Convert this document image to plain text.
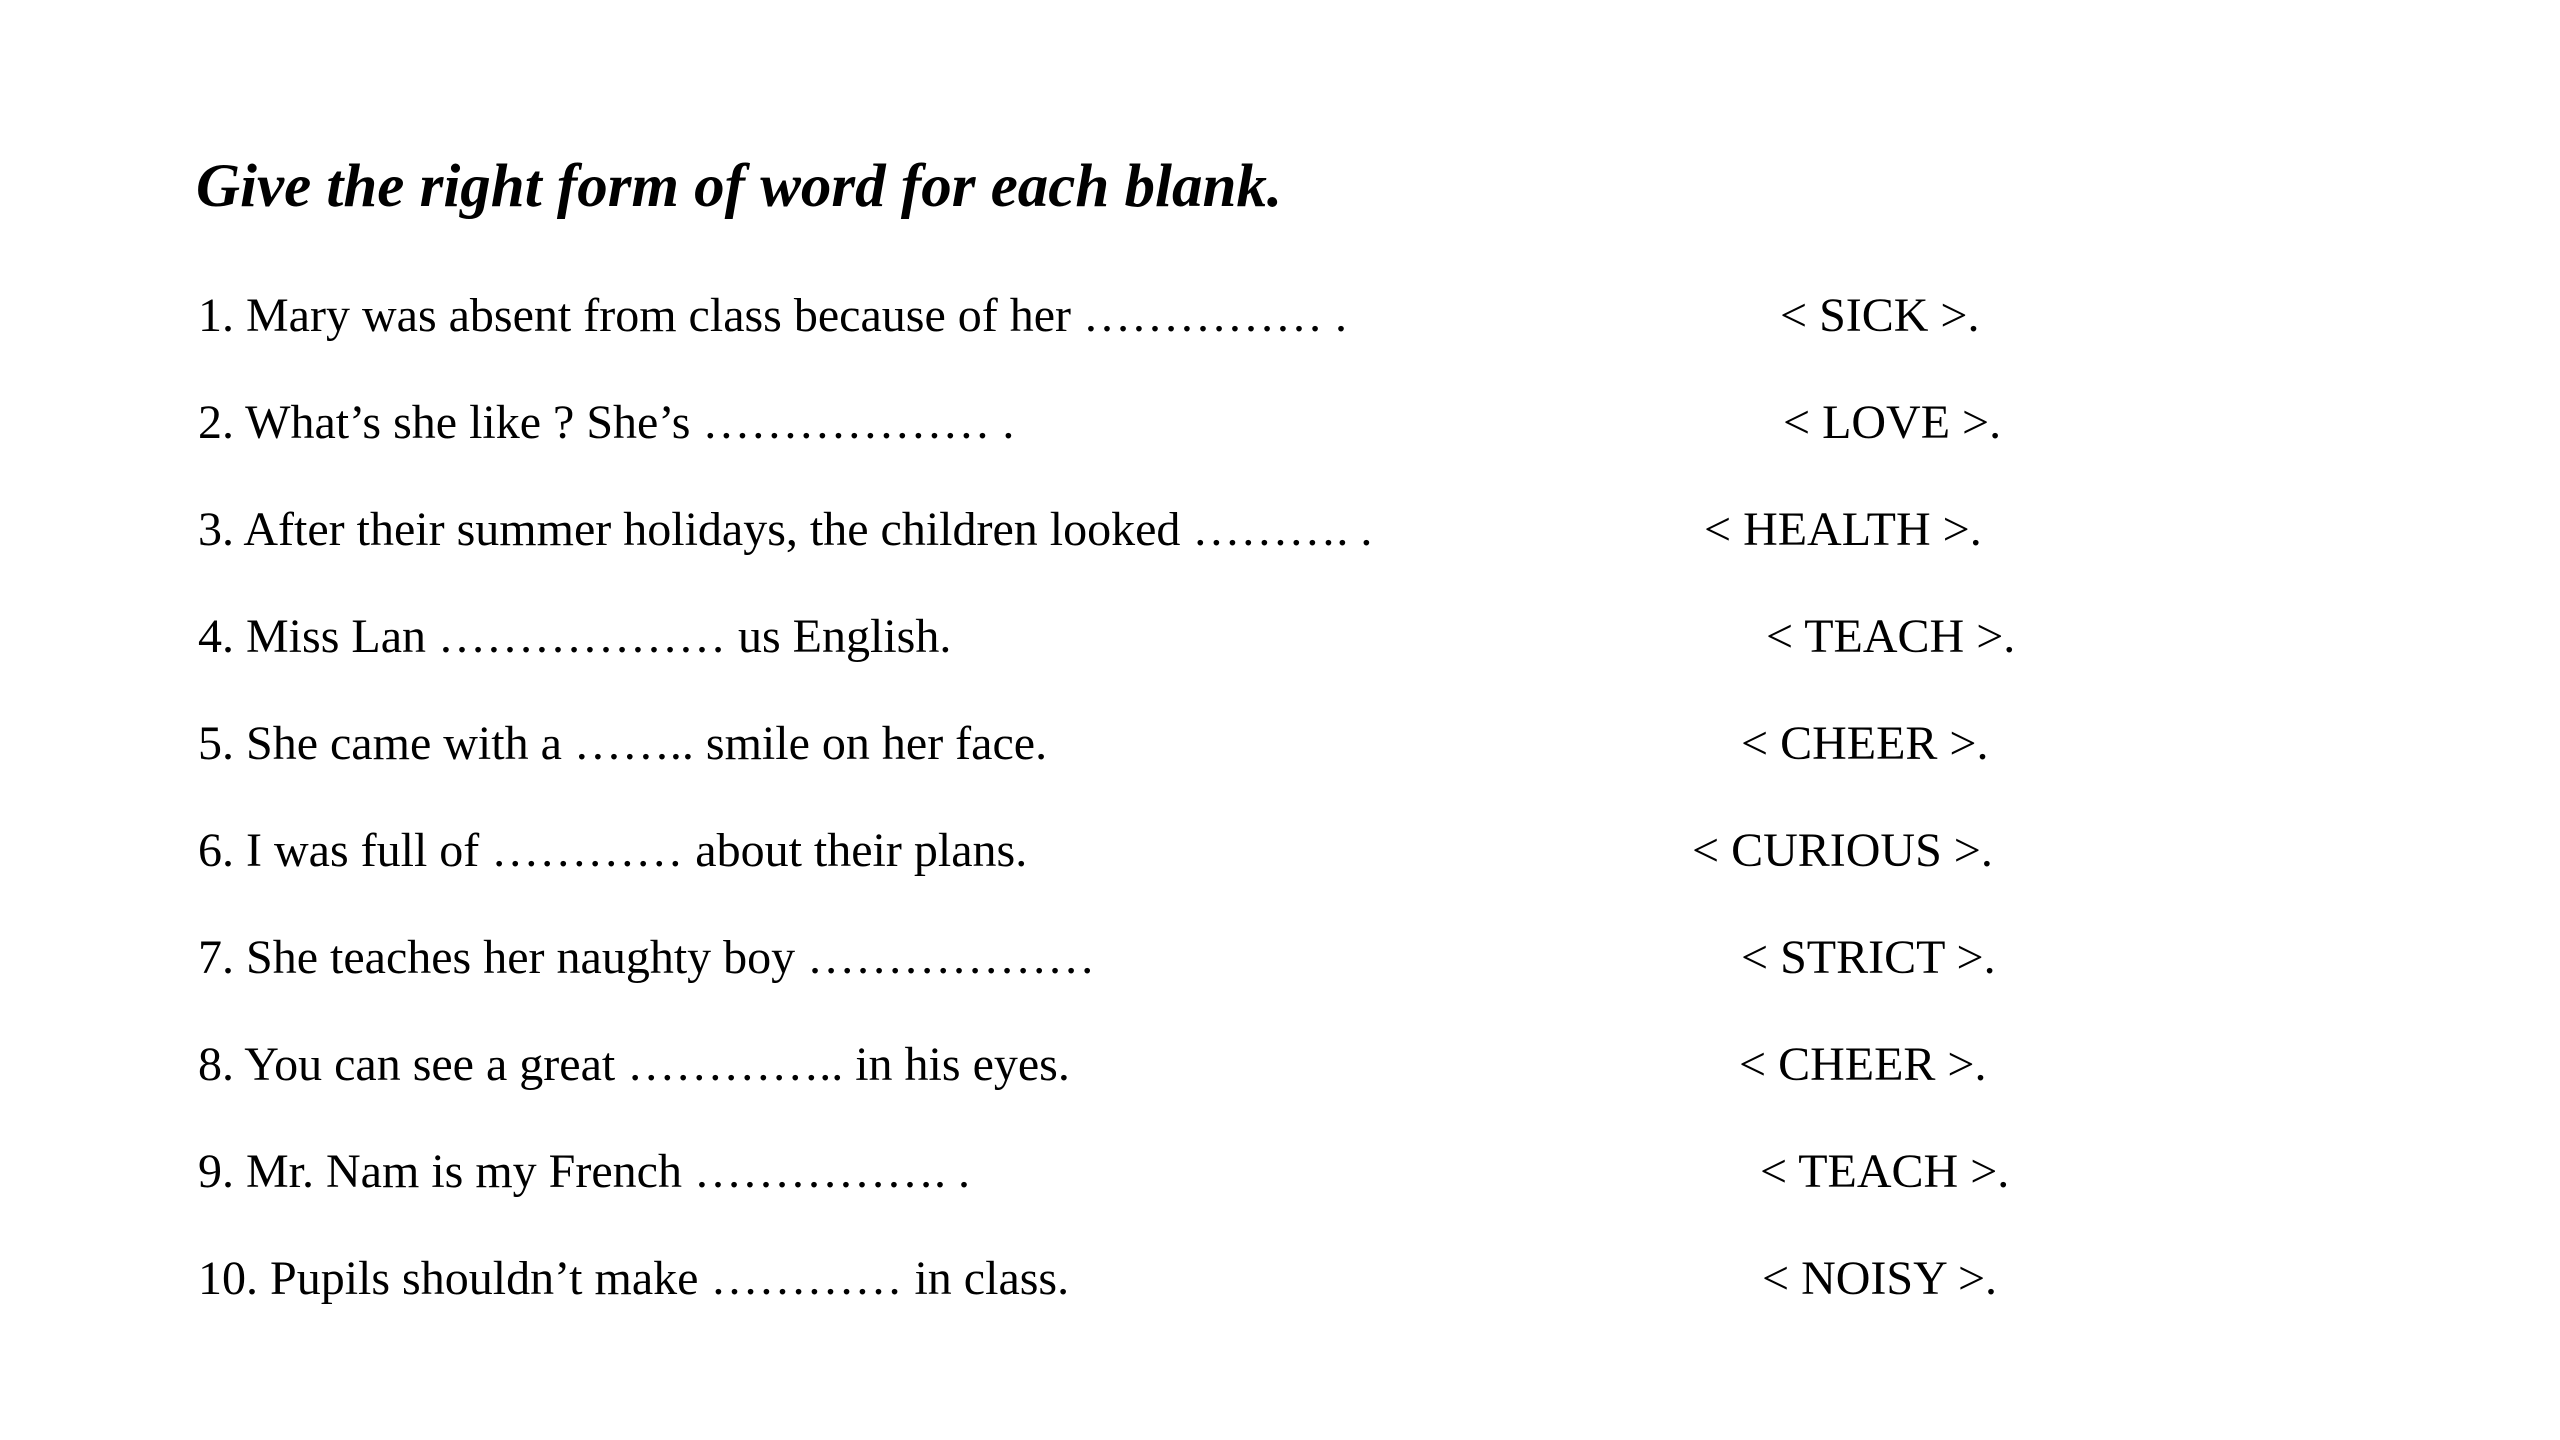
Give the right form of word for each blank.
1. Mary was absent from class because of her …………… .	< SICK >.
2. What’s she like ? She’s ……………… .	< LOVE >.
3. After their summer holidays, the children looked ………. .	< HEALTH >.
4. Miss Lan ……………… us English.	< TEACH >.
5. She came with a …….. smile on her face.	< CHEER >.
6. I was full of ………… about their plans.	< CURIOUS >.
7. She teaches her naughty boy ………………	< STRICT >.
8. You can see a great ………….. in his eyes.	< CHEER >.
9. Mr. Nam is my French ……………. .	< TEACH >.
10. Pupils shouldn’t make ………… in class.	< NOISY >.
